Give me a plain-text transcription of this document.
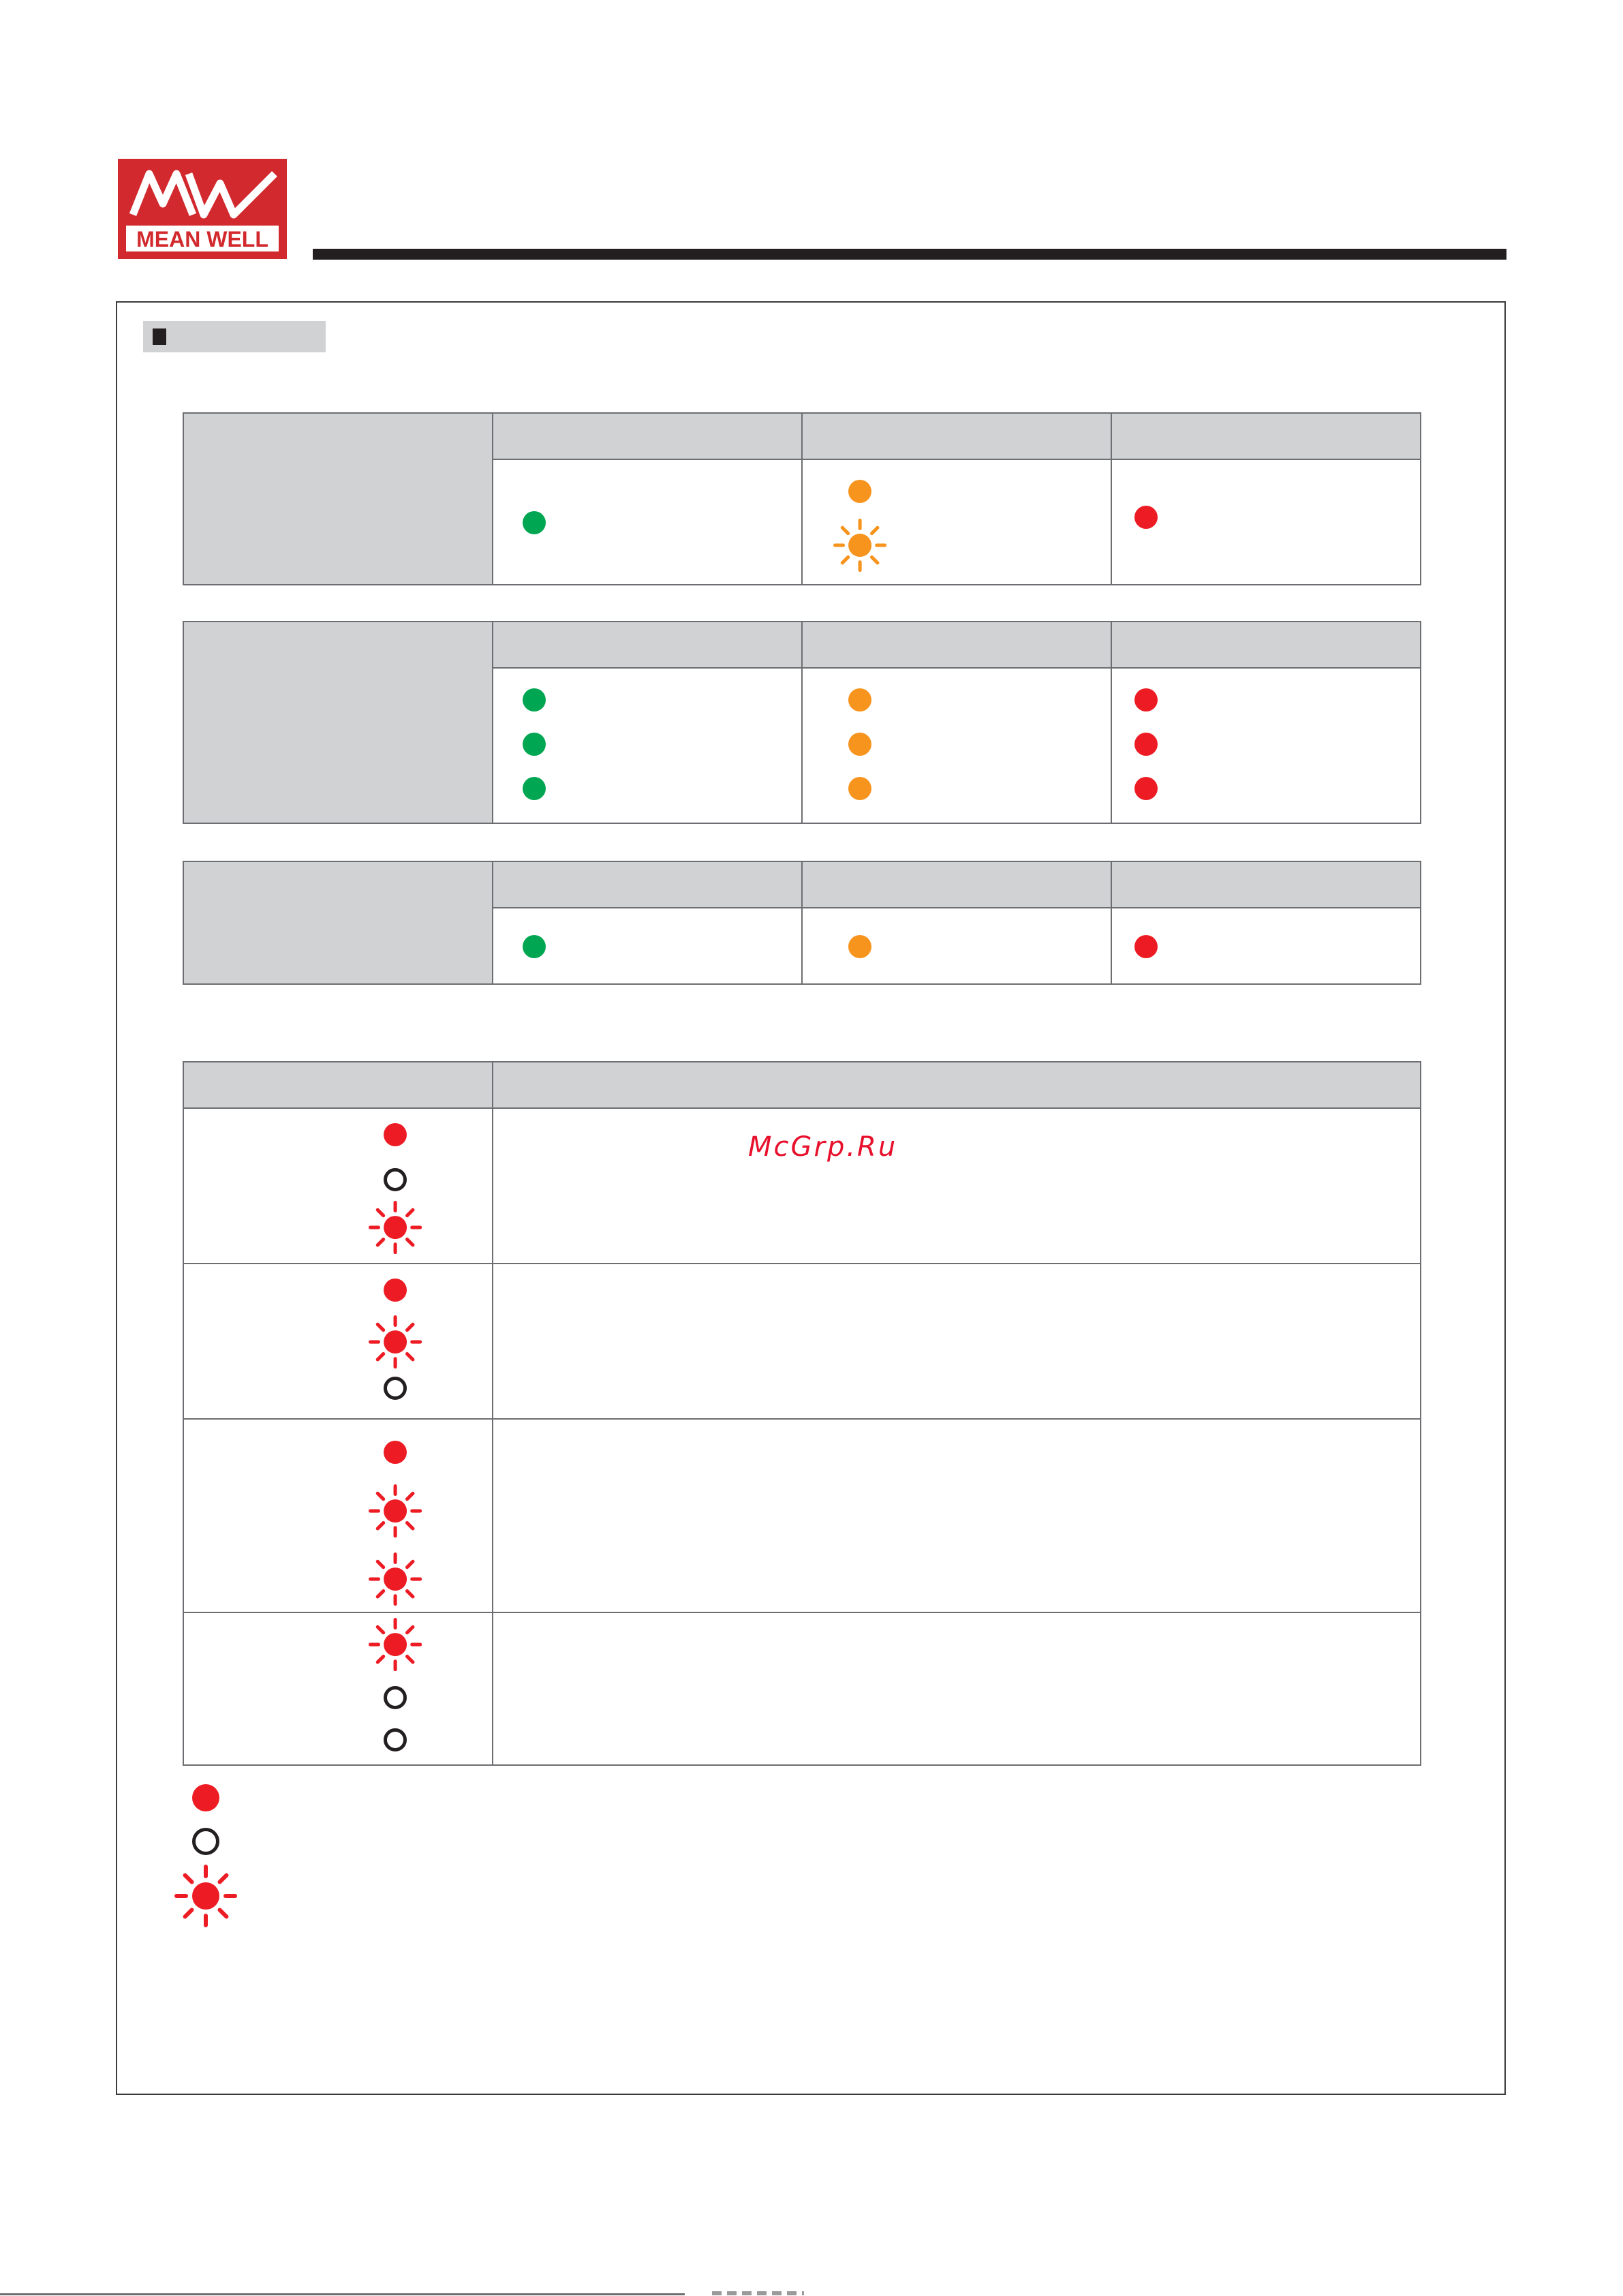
MEAN WELL

McGrp.Ru
